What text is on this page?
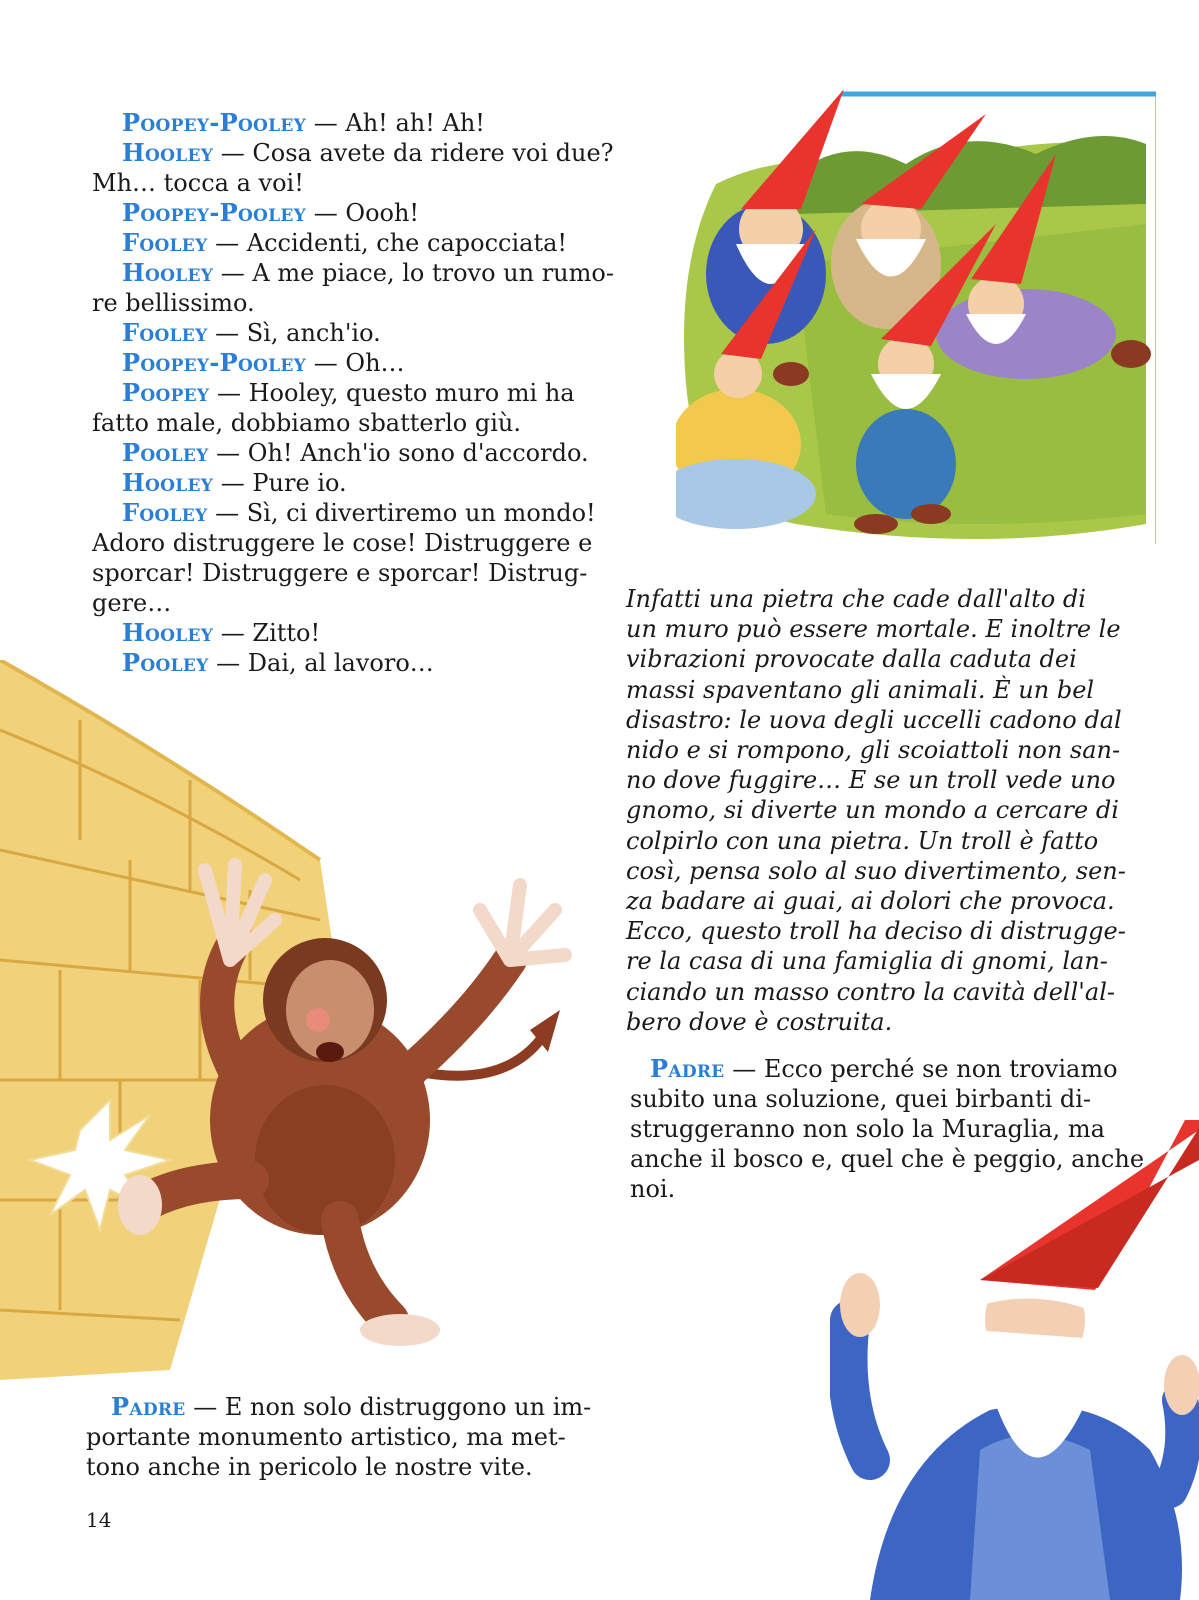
Poopey-Pooley — Ah! ah! Ah!
Hooley — Cosa avete da ridere voi due?
Mh… tocca a voi!
Poopey-Pooley — Oooh!
Fooley — Accidenti, che capocciata!
Hooley — A me piace, lo trovo un rumo-
re bellissimo.
Fooley — Sì, anch'io.
Poopey-Pooley — Oh…
Poopey — Hooley, questo muro mi ha
fatto male, dobbiamo sbatterlo giù.
Pooley — Oh! Anch'io sono d'accordo.
Hooley — Pure io.
Fooley — Sì, ci divertiremo un mondo!
Adoro distruggere le cose! Distruggere e
sporcar! Distruggere e sporcar! Distrug-
gere…
Hooley — Zitto!
Pooley — Dai, al lavoro…
Infatti una pietra che cade dall'alto di
un muro può essere mortale. E inoltre le
vibrazioni provocate dalla caduta dei
massi spaventano gli animali. È un bel
disastro: le uova degli uccelli cadono dal
nido e si rompono, gli scoiattoli non san-
no dove fuggire… E se un troll vede uno
gnomo, si diverte un mondo a cercare di
colpirlo con una pietra. Un troll è fatto
così, pensa solo al suo divertimento, sen-
za badare ai guai, ai dolori che provoca.
Ecco, questo troll ha deciso di distrugge-
re la casa di una famiglia di gnomi, lan-
ciando un masso contro la cavità dell'al-
bero dove è costruita.
Padre — Ecco perché se non troviamo
subito una soluzione, quei birbanti di-
struggeranno non solo la Muraglia, ma
anche il bosco e, quel che è peggio, anche
noi.
Padre — E non solo distruggono un im-
portante monumento artistico, ma met-
tono anche in pericolo le nostre vite.
14
